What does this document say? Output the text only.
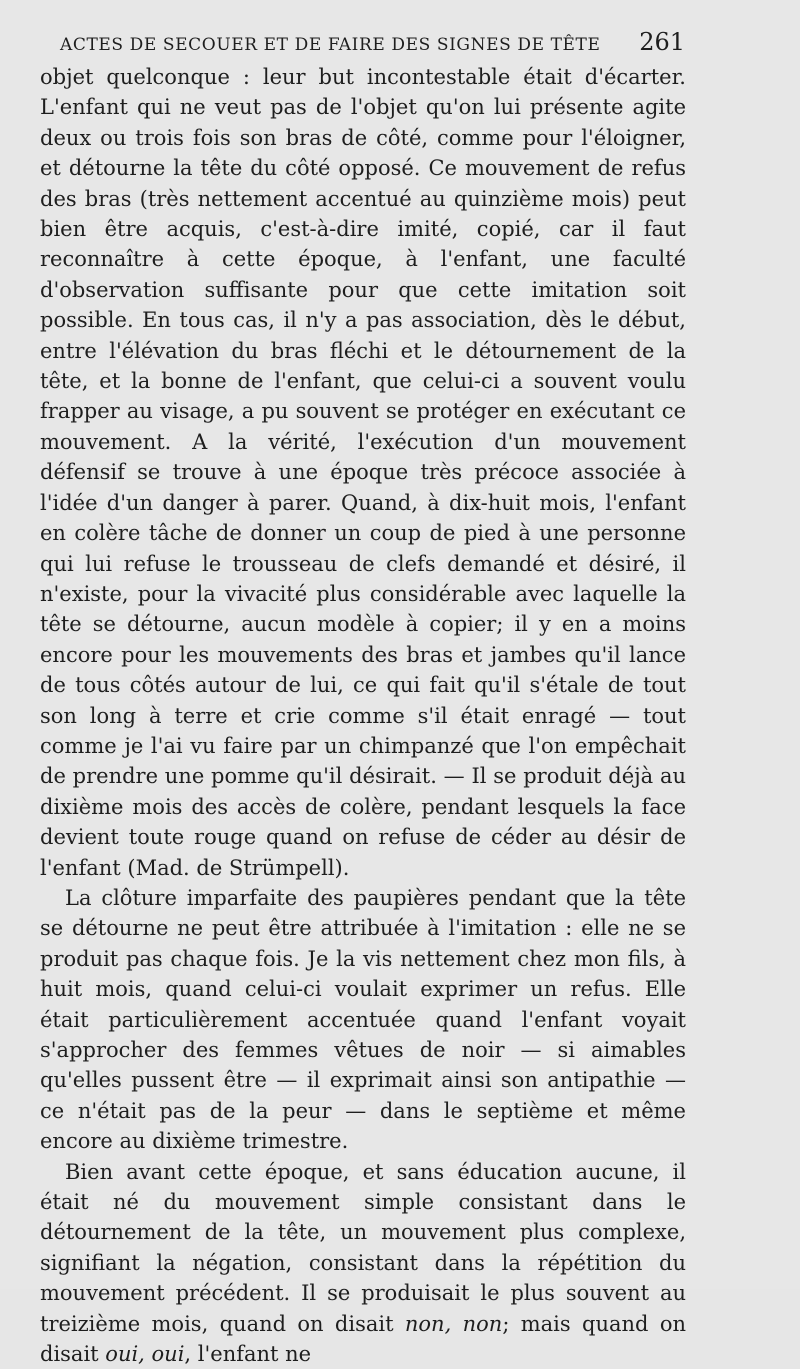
ACTES DE SECOUER ET DE FAIRE DES SIGNES DE TÊTE 261

objet quelconque : leur but incontestable était d'écarter. L'enfant qui ne veut pas de l'objet qu'on lui présente agite deux ou trois fois son bras de côté, comme pour l'éloigner, et détourne la tête du côté opposé. Ce mouvement de refus des bras (très nettement accentué au quinzième mois) peut bien être acquis, c'est-à-dire imité, copié, car il faut reconnaître à cette époque, à l'enfant, une faculté d'observation suffisante pour que cette imitation soit possible. En tous cas, il n'y a pas association, dès le début, entre l'élévation du bras fléchi et le détournement de la tête, et la bonne de l'enfant, que celui-ci a souvent voulu frapper au visage, a pu souvent se protéger en exécutant ce mouvement. A la vérité, l'exécution d'un mouvement défensif se trouve à une époque très précoce associée à l'idée d'un danger à parer. Quand, à dix-huit mois, l'enfant en colère tâche de donner un coup de pied à une personne qui lui refuse le trousseau de clefs demandé et désiré, il n'existe, pour la vivacité plus considérable avec laquelle la tête se détourne, aucun modèle à copier; il y en a moins encore pour les mouvements des bras et jambes qu'il lance de tous côtés autour de lui, ce qui fait qu'il s'étale de tout son long à terre et crie comme s'il était enragé — tout comme je l'ai vu faire par un chimpanzé que l'on empêchait de prendre une pomme qu'il désirait. — Il se produit déjà au dixième mois des accès de colère, pendant lesquels la face devient toute rouge quand on refuse de céder au désir de l'enfant (Mad. de Strümpell).

La clôture imparfaite des paupières pendant que la tête se détourne ne peut être attribuée à l'imitation : elle ne se produit pas chaque fois. Je la vis nettement chez mon fils, à huit mois, quand celui-ci voulait exprimer un refus. Elle était particulièrement accentuée quand l'enfant voyait s'approcher des femmes vêtues de noir — si aimables qu'elles pussent être — il exprimait ainsi son antipathie — ce n'était pas de la peur — dans le septième et même encore au dixième trimestre.

Bien avant cette époque, et sans éducation aucune, il était né du mouvement simple consistant dans le détournement de la tête, un mouvement plus complexe, signifiant la négation, consistant dans la répétition du mouvement précédent. Il se produisait le plus souvent au treizième mois, quand on disait non, non; mais quand on disait oui, oui, l'enfant ne
